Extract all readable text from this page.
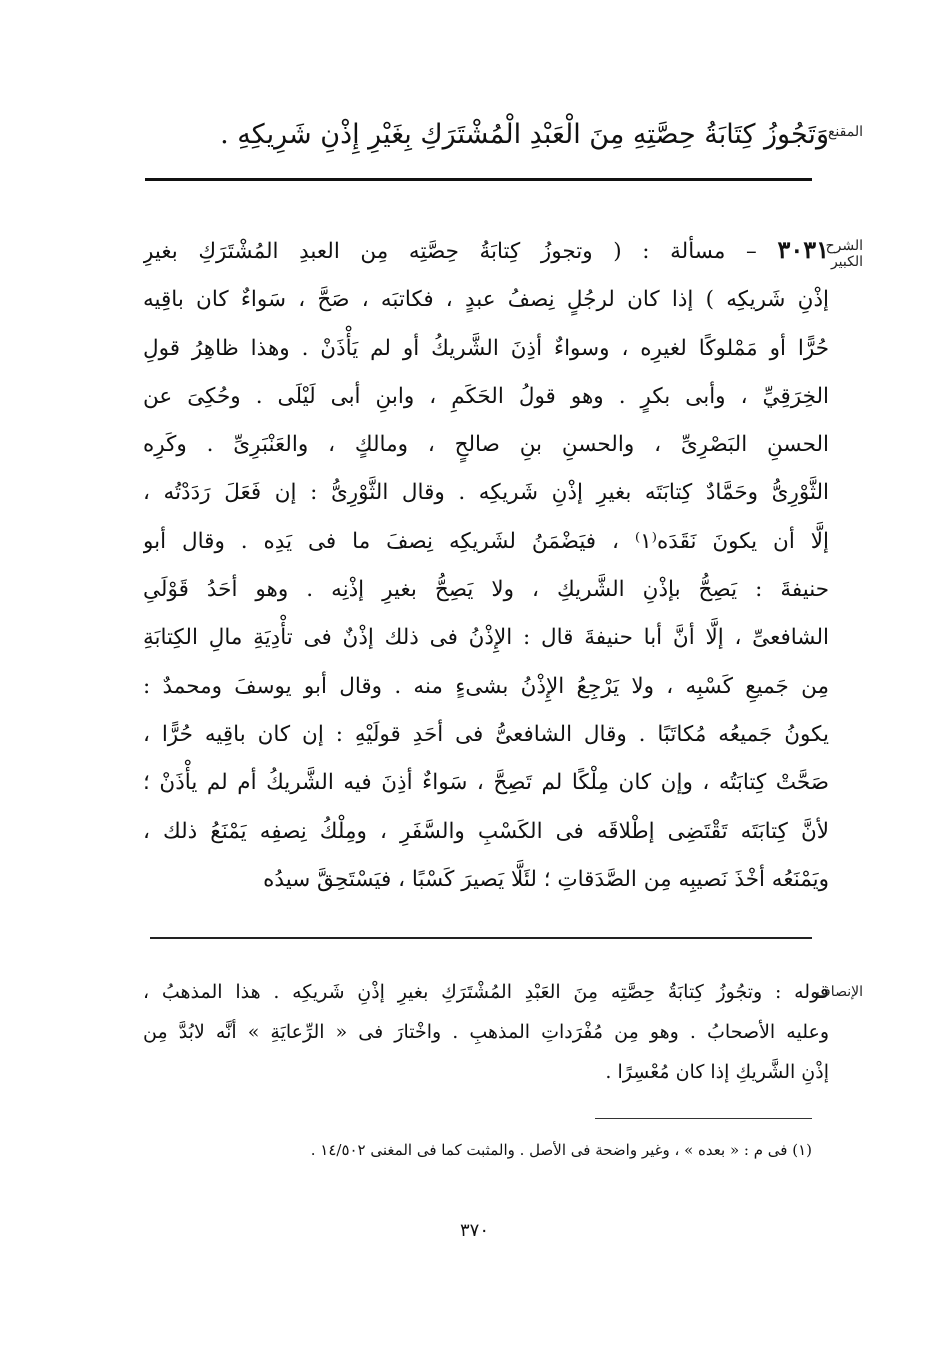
المقنع
وَتَجُوزُ كِتَابَةُ حِصَّتِهِ مِنَ الْعَبْدِ الْمُشْتَرَكِ بِغَيْرِ إِذْنِ شَرِيكِهِ .
الشرح الكبير
٣٠٣١ – مسألة : ( وتجوزُ كِتابَةُ حِصَّتِه مِن العبدِ المُشْتَرَكِ بغيرِ
إذْنِ شَريكِه ) إذا كان لرجُلٍ نِصفُ عبدٍ ، فكاتبَه ، صَحَّ ، سَواءٌ كان باقِيه
حُرًّا أو مَمْلوكًا لغيرِه ، وسواءٌ أذِنَ الشَّريكُ أو لم يَأْذَنْ . وهذا ظاهِرُ قولِ
الخِرَقِيِّ ، وأبى بكرٍ . وهو قولُ الحَكَمِ ، وابنِ أبى لَيْلَى . وحُكِىَ عن
الحسنِ البَصْرِىِّ ، والحسنِ بنِ صالحٍ ، ومالكٍ ، والعَنْبَرِىِّ . وكَرِه
الثَّوْرِىُّ وحَمَّادٌ كِتابَتَه بغيرِ إذْنِ شَريكِه . وقال الثَّوْرِىُّ : إن فَعَلَ رَدَدْتُه ،
إلَّا أن يكونَ نَقَدَه⁽١⁾ ، فيَضْمَنُ لشَريكِه نِصفَ ما فى يَدِه . وقال أبو
حنيفةَ : يَصِحُّ بإذْنِ الشَّريكِ ، ولا يَصِحُّ بغيرِ إذْنِه . وهو أحَدُ قَوْلَىِ
الشافعىِّ ، إلَّا أنَّ أبا حنيفةَ قال : الإِذْنُ فى ذلك إذْنٌ فى تأْدِيَةِ مالِ الكِتابَةِ
مِن جَميعِ كَسْبِه ، ولا يَرْجِعُ الإِذْنُ بشىءٍ منه . وقال أبو يوسفَ ومحمدٌ :
يكونُ جَميعُه مُكاتَبًا . وقال الشافعىُّ فى أحَدِ قولَيْهِ : إن كان باقِيه حُرًّا ،
صَحَّتْ كِتابَتُه ، وإن كان مِلْكًا لم تَصِحَّ ، سَواءٌ أذِنَ فيه الشَّريكُ أم لم يأْذَنْ ؛
لأنَّ كِتابَتَه تَقْتَضِى إطْلاقَه فى الكَسْبِ والسَّفَرِ ، ومِلْكُ نِصفِه يَمْنَعُ ذلك ،
ويَمْنَعُه أخْذَ نَصيبِه مِن الصَّدَقاتِ ؛ لئَلَّا يَصيرَ كَسْبًا ، فيَسْتَحِقَّ سيدُه
الإنصاف
قوله : وتجُوزُ كِتابَةُ حِصَّتِه مِنَ العَبْدِ المُشْتَرَكِ بغيرِ إذْنِ شَريكِه . هذا المذهبُ ،
وعليه الأصحابُ . وهو مِن مُفْرَداتِ المذهبِ . واخْتارَ فى « الرِّعايَةِ » أنَّه لابُدَّ مِن
إذْنِ الشَّريكِ إذا كان مُعْسِرًا .
(١) فى م : « بعده » ، وغير واضحة فى الأصل . والمثبت كما فى المغنى ١٤/٥٠٢ .
٣٧٠
